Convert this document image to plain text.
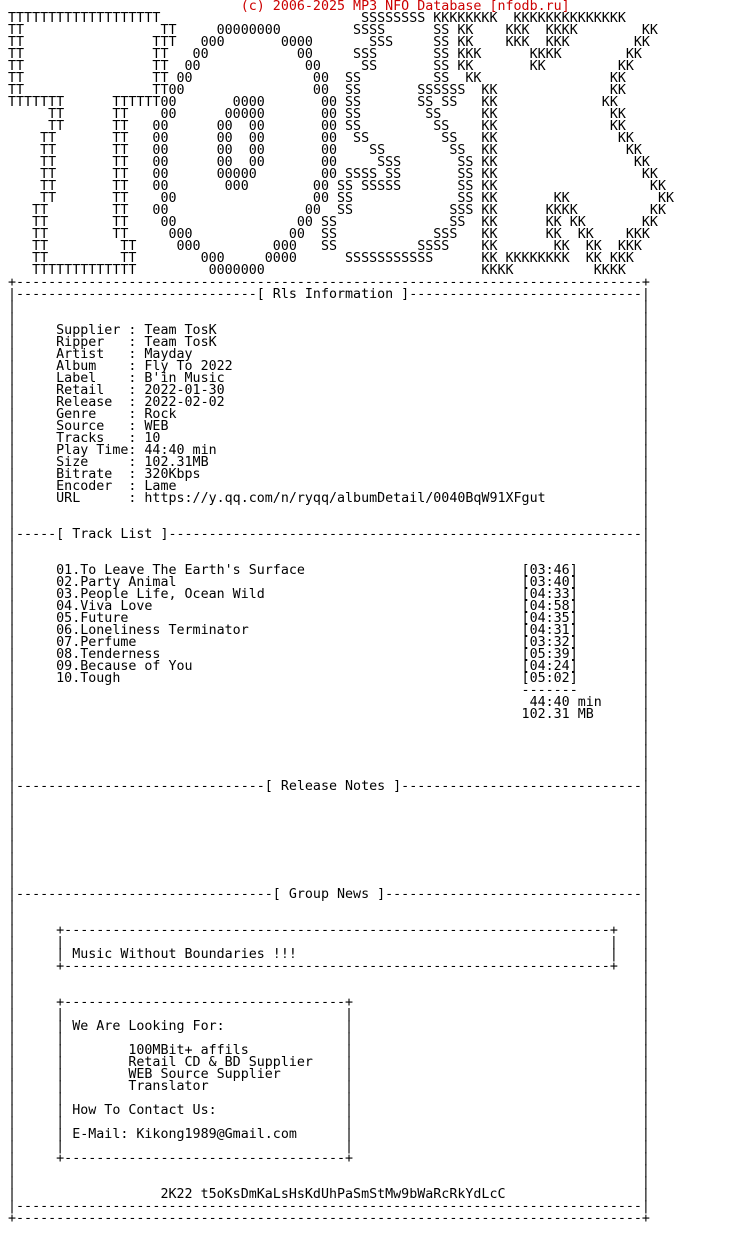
(c) 2006-2025 MP3 NFO Database [nfodb.ru]
TTTTTTTTTTTTTTTTTTT                         SSSSSSSS KKKKKKKK  KKKKKKKKKKKKKK
TT                 TT     00000000         SSSS      SS KK    KKK  KKKK        KK
TT                TTT   000       0000       SSS     SS KK    KKK  KKK        KK
TT                TT   00           00     SSS       SS KKK      KKKK        KK
TT                TT  00             00     SS       SS KK       KK         KK
TT                TT 00               00  SS         SS  KK                KK
TT                TT00                00  SS       SSSSSS  KK              KK
TTTTTTT      TTTTTT00       0000       00 SS       SS SS   KK             KK
TT      TT    00      00000       00 SS        SS     KK              KK
TT      TT   00      00  00       00 SS         SS    KK              KK
TT       TT   00      00  00       00  SS         SS   KK               KK
TT       TT   00      00  00       00    SS        SS  KK                KK
TT       TT   00      00  00       00     SSS       SS KK                 KK
TT       TT   00      00000        00 SSSS SS       SS KK                  KK
TT       TT   00       000        00 SS SSSSS       SS KK                   KK
TT       TT    00                 00 SS             SS KK       KK           KK
TT        TT   00                 00  SS            SSS KK      KKKK         KK
TT        TT    00               00 SS              SS  KK      KK KK       KK
TT        TT     000            00  SS            SSS   KK      KK  KK    KKK
TT         TT     000         000   SS          SSSS    KK       KK  KK  KKK
TT         TT        000     0000      SSSSSSSSSSS      KK KKKKKKKK  KK KKK
TTTTTTTTTTTTT         0000000                           KKKK          KKKK
+------------------------------------------------------------------------------+
|------------------------------[ Rls Information ]-----------------------------|
|                                                                              |
|                                                                              |
|     Supplier : Team TosK                                                     |
|     Ripper   : Team TosK                                                     |
|     Artist   : Mayday                                                        |
|     Album    : Fly To 2022                                                   |
|     Label    : B'in Music                                                    |
|     Retail   : 2022-01-30                                                    |
|     Release  : 2022-02-02                                                    |
|     Genre    : Rock                                                          |
|     Source   : WEB                                                           |
|     Tracks   : 10                                                            |
|     Play Time: 44:40 min                                                     |
|     Size     : 102.31MB                                                      |
|     Bitrate  : 320Kbps                                                       |
|     Encoder  : Lame                                                          |
|     URL      : https://y.qq.com/n/ryqq/albumDetail/0040BqW91XFgut            |
|                                                                              |
|                                                                              |
|-----[ Track List ]-----------------------------------------------------------|
|                                                                              |
|                                                                              |
|     01.To Leave The Earth's Surface                           [03:46]        |
|     02.Party Animal                                           [03:40]        |
|     03.People Life, Ocean Wild                                [04:33]        |
|     04.Viva Love                                              [04:58]        |
|     05.Future                                                 [04:35]        |
|     06.Loneliness Terminator                                  [04:31]        |
|     07.Perfume                                                [03:32]        |
|     08.Tenderness                                             [05:39]        |
|     09.Because of You                                         [04:24]        |
|     10.Tough                                                  [05:02]        |
|                                                               -------        |
|                                                                44:40 min     |
|                                                               102.31 MB      |
|                                                                              |
|                                                                              |
|                                                                              |
|                                                                              |
|                                                                              |
|-------------------------------[ Release Notes ]------------------------------|
|                                                                              |
|                                                                              |
|                                                                              |
|                                                                              |
|                                                                              |
|                                                                              |
|                                                                              |
|                                                                              |
|--------------------------------[ Group News ]--------------------------------|
|                                                                              |
|                                                                              |
|     +--------------------------------------------------------------------+   |
|     |                                                                    |   |
|     | Music Without Boundaries !!!                                       |   |
|     +--------------------------------------------------------------------+   |
|                                                                              |
|                                                                              |
|     +-----------------------------------+                                    |
|     |                                   |                                    |
|     | We Are Looking For:               |                                    |
|     |                                   |                                    |
|     |        100MBit+ affils            |                                    |
|     |        Retail CD & BD Supplier    |                                    |
|     |        WEB Source Supplier        |                                    |
|     |        Translator                 |                                    |
|     |                                   |                                    |
|     | How To Contact Us:                |                                    |
|     |                                   |                                    |
|     | E-Mail: Kikong1989@Gmail.com      |                                    |
|     |                                   |                                    |
|     +-----------------------------------+                                    |
|                                                                              |
|                                                                              |
|                  2K22 t5oKsDmKaLsHsKdUhPaSmStMw9bWaRcRkYdLcC                 |
|------------------------------------------------------------------------------|
+------------------------------------------------------------------------------+
